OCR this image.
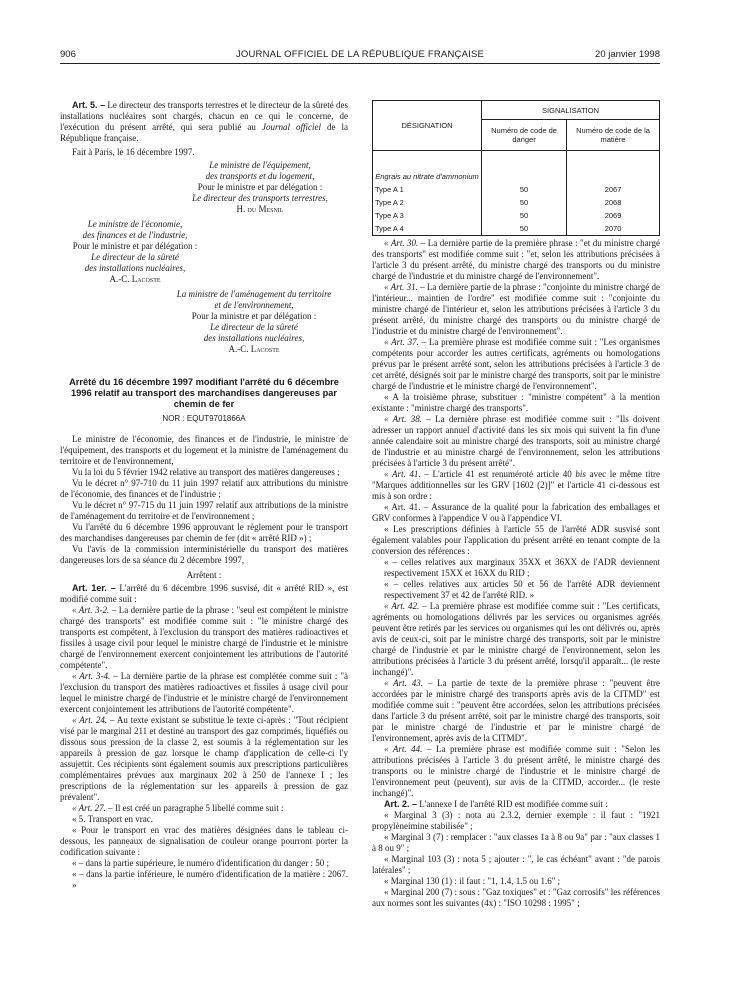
906	JOURNAL OFFICIEL DE LA RÉPUBLIQUE FRANÇAISE	20 janvier 1998

Art. 5. – Le directeur des transports terrestres et le directeur de la sûreté des installations nucléaires sont chargés, chacun en ce qui le concerne, de l'exécution du présent arrêté, qui sera publié au Journal officiel de la République française.

Fait à Paris, le 16 décembre 1997.

Le ministre de l'équipement,
des transports et du logement,
Pour le ministre et par délégation :
Le directeur des transports terrestres,
H. du Mesnil
Le ministre de l'économie,
des finances et de l'industrie,
Pour le ministre et par délégation :
Le directeur de la sûreté
des installations nucléaires,
A.-C. Lacoste
La ministre de l'aménagement du territoire
et de l'environnement,
Pour la ministre et par délégation :
Le directeur de la sûreté
des installations nucléaires,
A.-C. Lacoste

Arrêté du 16 décembre 1997 modifiant l'arrêté du 6 décembre 1996 relatif au transport des marchandises dangereuses par chemin de fer

NOR : EQUT9701866A

Le ministre de l'économie, des finances et de l'industrie, le ministre de l'équipement, des transports et du logement et la ministre de l'aménagement du territoire et de l'environnement,

Vu la loi du 5 février 1942 relative au transport des matières dangereuses ;

Vu le décret n° 97-710 du 11 juin 1997 relatif aux attributions du ministre de l'économie, des finances et de l'industrie ;

Vu le décret n° 97-715 du 11 juin 1997 relatif aux attributions de la ministre de l'aménagement du territoire et de l'environnement ;

Vu l'arrêté du 6 décembre 1996 approuvant le règlement pour le transport des marchandises dangereuses par chemin de fer (dit « arrêté RID ») ;

Vu l'avis de la commission interministérielle du transport des matières dangereuses lors de sa séance du 2 décembre 1997,

Arrêtent :

Art. 1er. – L'arrêté du 6 décembre 1996 susvisé, dit « arrêté RID », est modifié comme suit :

« Art. 3-2. – La dernière partie de la phrase : "seul est compétent le ministre chargé des transports" est modifiée comme suit : "le ministre chargé des transports est compétent, à l'exclusion du transport des matières radioactives et fissiles à usage civil pour lequel le ministre chargé de l'industrie et le ministre chargé de l'environnement exercent conjointement les attributions de l'autorité compétente".

« Art. 3-4. – La dernière partie de la phrase est complétée comme suit : "à l'exclusion du transport des matières radioactives et fissiles à usage civil pour lequel le ministre chargé de l'industrie et le ministre chargé de l'environnement exercent conjointement les attributions de l'autorité compétente".

« Art. 24. – Au texte existant se substitue le texte ci-après : "Tout récipient visé par le marginal 211 et destiné au transport des gaz comprimés, liquéfiés ou dissous sous pression de la classe 2, est soumis à la réglementation sur les appareils à pression de gaz lorsque le champ d'application de celle-ci l'y assujettit. Ces récipients sont également soumis aux prescriptions particulières complémentaires prévues aux marginaux 202 à 250 de l'annexe I ; les prescriptions de la réglementation sur les appareils à pression de gaz prévalent".

« Art. 27. – Il est créé un paragraphe 5 libellé comme suit :

« 5. Transport en vrac.

« Pour le transport en vrac des matières désignées dans le tableau ci-dessous, les panneaux de signalisation de couleur orange pourront porter la codification suivante :

« – dans la partie supérieure, le numéro d'identification du danger : 50 ;

« – dans la partie inférieure, le numéro d'identification de la matière : 2067. »

DÉSIGNATION	SIGNALISATION	
	Numéro de code de danger	Numéro de code de la matière
Engrais au nitrate d'ammonium		
Type A 1	50	2067
Type A 2	50	2068
Type A 3	50	2069
Type A 4	50	2070

« Art. 30. – La dernière partie de la première phrase : "et du ministre chargé des transports" est modifiée comme suit : "et, selon les attributions précisées à l'article 3 du présent arrêté, du ministre chargé des transports ou du ministre chargé de l'industrie et du ministre chargé de l'environnement".

« Art. 31. – La dernière partie de la phrase : "conjointe du ministre chargé de l'intérieur... maintien de l'ordre" est modifiée comme suit : "conjointe du ministre chargé de l'intérieur et, selon les attributions précisées à l'article 3 du présent arrêté, du ministre chargé des transports ou du ministre chargé de l'industrie et du ministre chargé de l'environnement".

« Art. 37. – La première phrase est modifiée comme suit : "Les organismes compétents pour accorder les autres certificats, agréments ou homologations prévus par le présent arrêté sont, selon les attributions précisées à l'article 3 de cet arrêté, désignés soit par le ministre chargé des transports, soit par le ministre chargé de l'industrie et le ministre chargé de l'environnement".

« A la troisième phrase, substituer : "ministre compétent" à la mention existante : "ministre chargé des transports".

« Art. 38. – La dernière phrase est modifiée comme suit : "Ils doivent adresser un rapport annuel d'activité dans les six mois qui suivent la fin d'une année calendaire soit au ministre chargé des transports, soit au ministre chargé de l'industrie et au ministre chargé de l'environnement, selon les attributions précisées à l'article 3 du présent arrêté".

« Art. 41. – L'article 41 est renuméroté article 40 bis avec le même titre "Marques additionnelles sur les GRV [1602 (2)]" et l'article 41 ci-dessous est mis à son ordre :

« Art. 41. – Assurance de la qualité pour la fabrication des emballages et GRV conformes à l'appendice V ou à l'appendice VI.

« Les prescriptions définies à l'article 55 de l'arrêté ADR susvisé sont également valables pour l'application du présent arrêté en tenant compte de la conversion des références :

« – celles relatives aux marginaux 35XX et 36XX de l'ADR deviennent respectivement 15XX et 16XX du RID ;

« – celles relatives aux articles 50 et 56 de l'arrêté ADR deviennent respectivement 37 et 42 de l'arrêté RID. »

« Art. 42. – La première phrase est modifiée comme suit : "Les certificats, agréments ou homologations délivrés par les services ou organismes agréés peuvent être retirés par les services ou organismes qui les ont délivrés ou, après avis de ceux-ci, soit par le ministre chargé des transports, soit par le ministre chargé de l'industrie et par le ministre chargé de l'environnement, selon les attributions précisées à l'article 3 du présent arrêté, lorsqu'il apparaît... (le reste inchangé)".

« Art. 43. – La partie de texte de la première phrase : "peuvent être accordées par le ministre chargé des transports après avis de la CITMD" est modifiée comme suit : "peuvent être accordées, selon les attributions précisées dans l'article 3 du présent arrêté, soit par le ministre chargé des transports, soit par le ministre chargé de l'industrie et par le ministre chargé de l'environnement, après avis de la CITMD".

« Art. 44. – La première phrase est modifiée comme suit : "Selon les attributions précisées à l'article 3 du présent arrêté, le ministre chargé des transports ou le ministre chargé de l'industrie et le ministre chargé de l'environnement peut (peuvent), sur avis de la CITMD, accorder... (le reste inchangé)".

Art. 2. – L'annexe I de l'arrêté RID est modifiée comme suit :

« Marginal 3 (3) : nota au 2.3.2, dernier exemple : il faut : "1921 propylèneimine stabilisée" ;

« Marginal 3 (7) : remplacer : "aux classes 1a à 8 ou 9a" par : "aux classes 1 à 8 ou 9" ;

« Marginal 103 (3) : nota 5 ; ajouter : ", le cas échéant" avant : "de parois latérales" ;

« Marginal 130 (1) : il faut : "1, 1.4, 1.5 ou 1.6" ;

« Marginal 200 (7) : sous : "Gaz toxiques" et : "Gaz corrosifs" les références aux normes sont les suivantes (4x) : "ISO 10298 : 1995" ;
